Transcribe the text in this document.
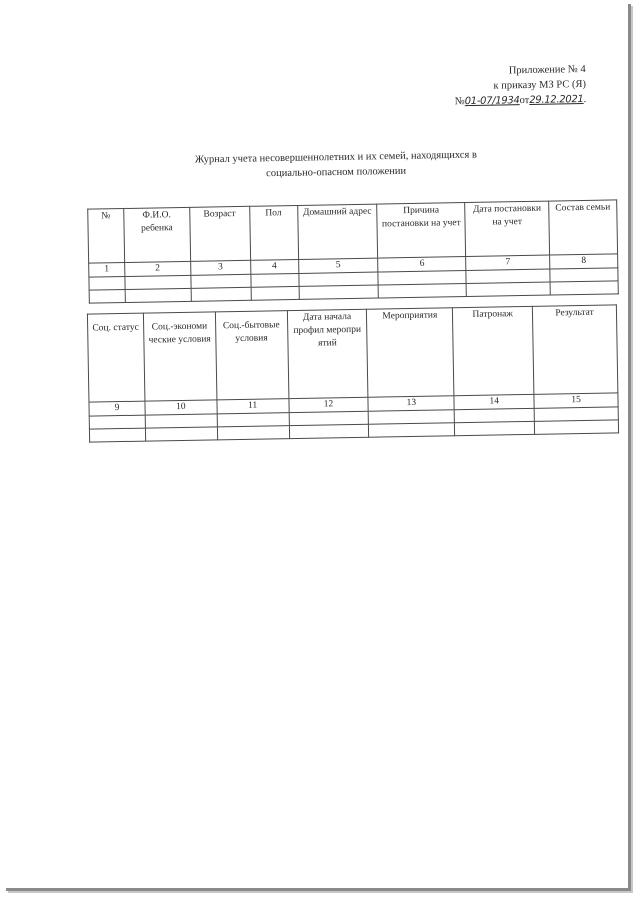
Приложение № 4
к приказу МЗ РС (Я)
№01-07/1934от29.12.2021.
Журнал учета несовершеннолетних и их семей, находящихся в
социально-опасном положении
№	Ф.И.О. ребенка	Возраст	Пол	Домашний адрес	Причина постановки на учет	Дата постановки на учет	Состав семьи
1	2	3	4	5	6	7	8

Соц. статус	Соц.-экономи ческие условия	Соц.-бытовые условия	Дата начала профил меропри ятий	Мероприятия	Патронаж	Результат
9	10	11	12	13	14	15
